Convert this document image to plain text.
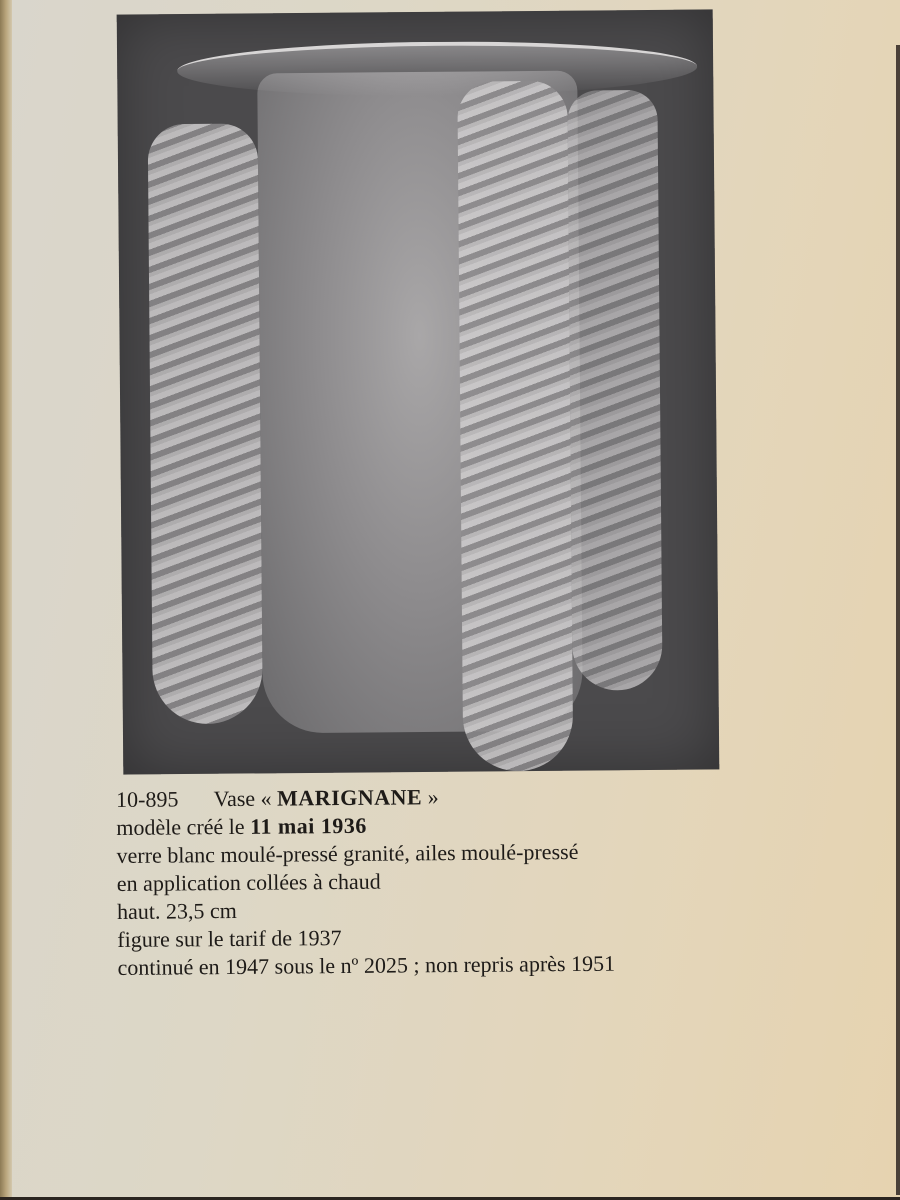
10-895 Vase « MARIGNANE »
modèle créé le 11 mai 1936
verre blanc moulé-pressé granité, ailes moulé-pressé
en application collées à chaud
haut. 23,5 cm
figure sur le tarif de 1937
continué en 1947 sous le nº 2025 ; non repris après 1951
